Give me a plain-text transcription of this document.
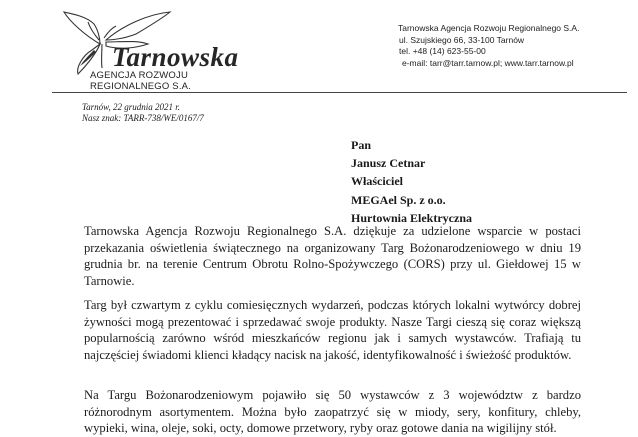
Tarnowska
AGENCJA ROZWOJU REGIONALNEGO S.A.
Tarnowska Agencja Rozwoju Regionalnego S.A.
ul. Szujskiego 66, 33-100 Tarnów
tel. +48 (14) 623-55-00
e-mail: tarr@tarr.tarnow.pl; www.tarr.tarnow.pl
Tarnów, 22 grudnia 2021 r.
Nasz znak: TARR-738/WE/0167/7
Pan
Janusz Cetnar
Właściciel
MEGAel Sp. z o.o.
Hurtownia Elektryczna

Tarnowska Agencja Rozwoju Regionalnego S.A. dziękuje za udzielone wsparcie w postaci przekazania oświetlenia świątecznego na organizowany Targ Bożonarodzeniowego w dniu 19 grudnia br. na terenie Centrum Obrotu Rolno-Spożywczego (CORS) przy ul. Giełdowej 15 w Tarnowie.

Targ był czwartym z cyklu comiesięcznych wydarzeń, podczas których lokalni wytwórcy dobrej żywności mogą prezentować i sprzedawać swoje produkty. Nasze Targi cieszą się coraz większą popularnością zarówno wśród mieszkańców regionu jak i samych wystawców. Trafiają tu najczęściej świadomi klienci kładący nacisk na jakość, identyfikowalność i świeżość produktów.

Na Targu Bożonarodzeniowym pojawiło się 50 wystawców z 3 województw z bardzo różnorodnym asortymentem. Można było zaopatrzyć się w miody, sery, konfitury, chleby, wypieki, wina, oleje, soki, octy, domowe przetwory, ryby oraz gotowe dania na wigilijny stół.
